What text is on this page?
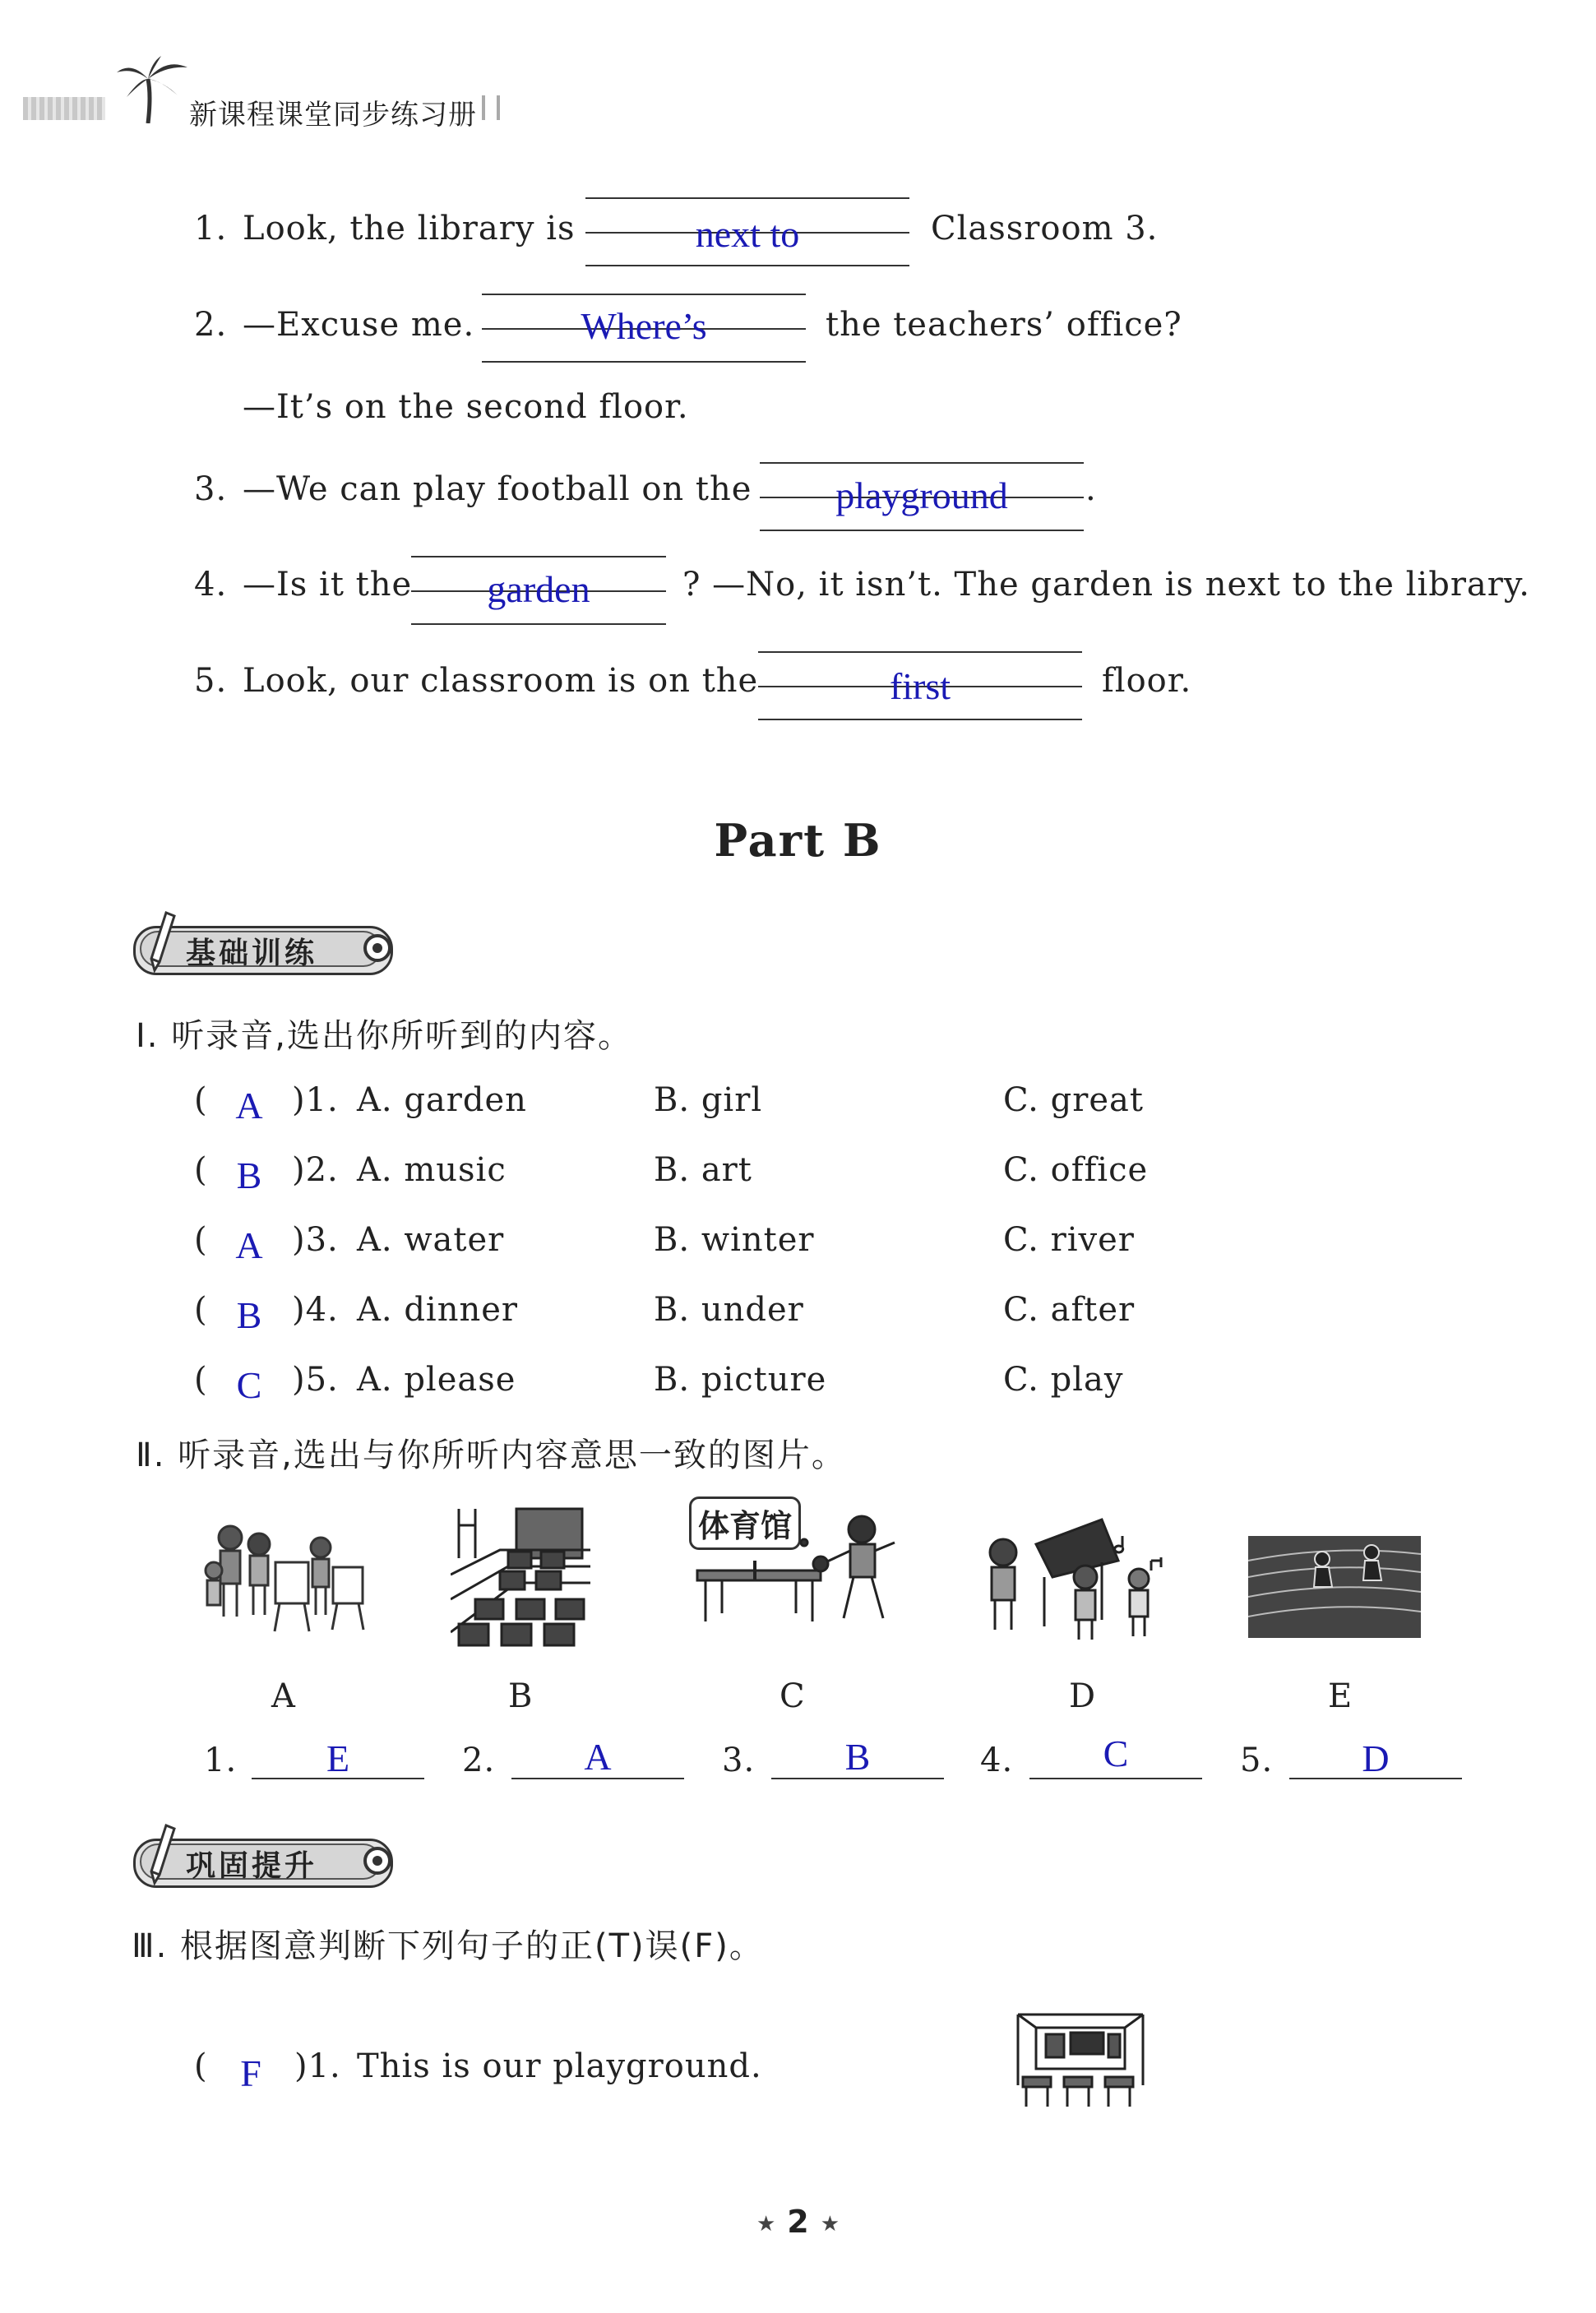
新课程课堂同步练习册
1. Look, the library is	next to	Classroom 3.
2. —Excuse me.	Where’s	the teachers’ office?
—It’s on the second floor.
3. —We can play football on the	playground	.
4. —Is it the	garden	? —No, it isn’t. The garden is next to the library.
5. Look, our classroom is on the	first	floor.
Part B
基础训练
Ⅰ. 听录音,选出你所听到的内容。
( A )1. A. garden	B. girl	C. great
( B )2. A. music	B. art	C. office
( A )3. A. water	B. winter	C. river
( B )4. A. dinner	B. under	C. after
( C )5. A. please	B. picture	C. play
Ⅱ. 听录音,选出与你所听内容意思一致的图片。
A	B
体育馆
C	D	E
1.	E	2.	A	3.	B	4.	C	5.	D
巩固提升
Ⅲ. 根据图意判断下列句子的正(T)误(F)。
( F	)1. This is our playground.
★ 2 ★
